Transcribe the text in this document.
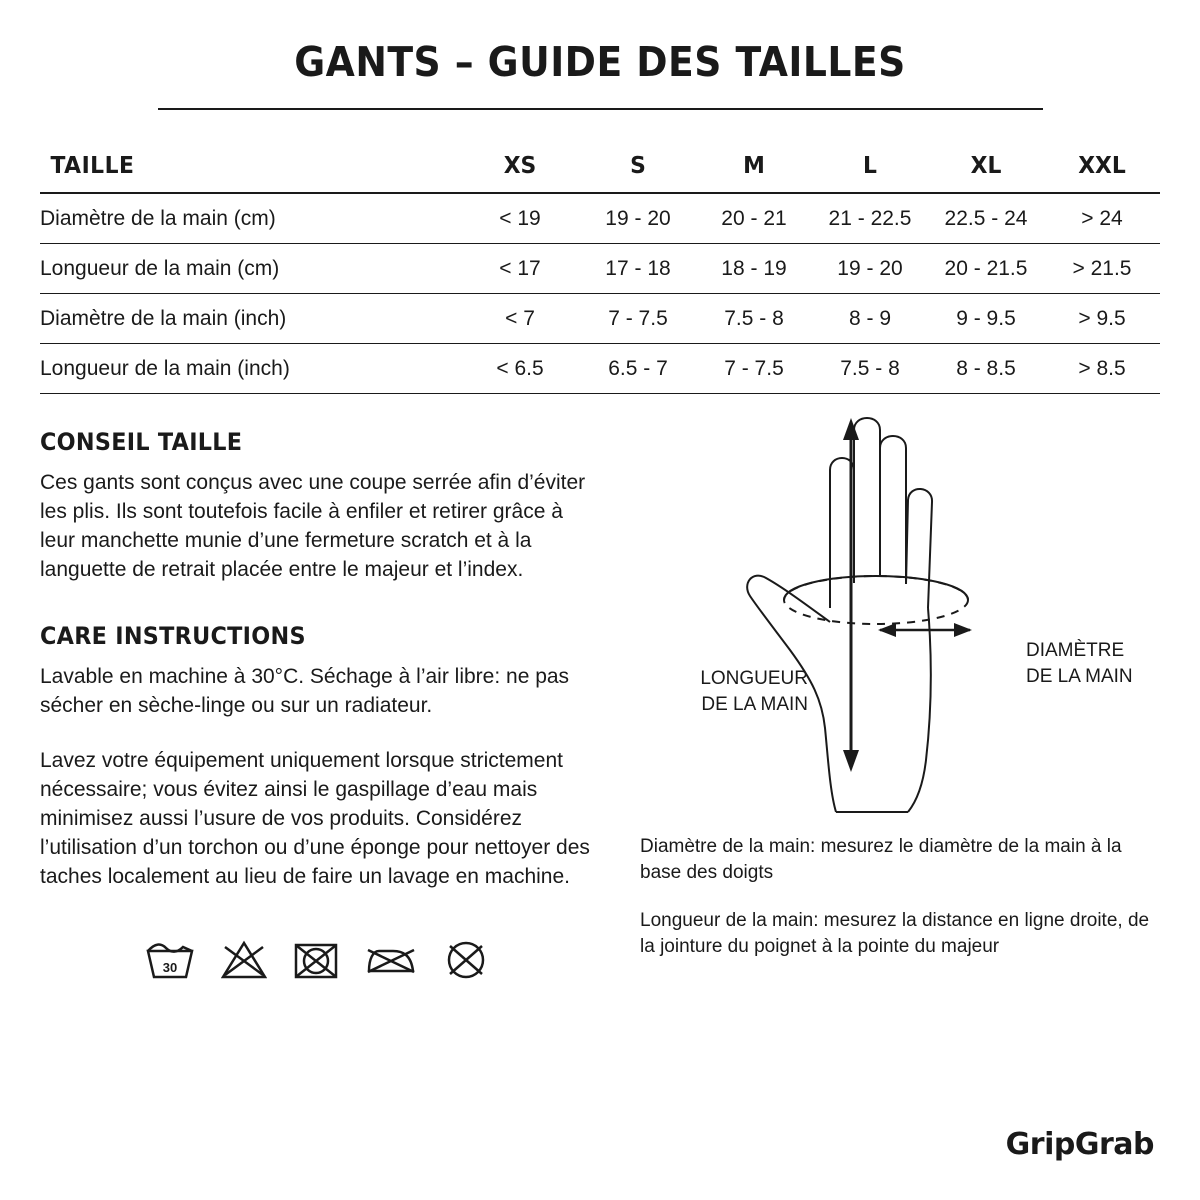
GANTS – GUIDE DES TAILLES
TAILLE	XS	S	M	L	XL	XXL
Diamètre de la main (cm)	< 19	19 - 20	20 - 21	21 - 22.5	22.5 - 24	> 24
Longueur de la main (cm)	< 17	17 - 18	18 - 19	19 - 20	20 - 21.5	> 21.5
Diamètre de la main (inch)	< 7	7 - 7.5	7.5 - 8	8 - 9	9 - 9.5	> 9.5
Longueur de la main (inch)	< 6.5	6.5 - 7	7 - 7.5	7.5 - 8	8 - 8.5	> 8.5
CONSEIL TAILLE

Ces gants sont conçus avec une coupe serrée afin d’éviter les plis. Ils sont toutefois facile à enfiler et retirer grâce à leur manchette munie d’une fermeture scratch et à la languette de retrait placée entre le majeur et l’index.

CARE INSTRUCTIONS

Lavable en machine à 30°C. Séchage à l’air libre: ne pas sécher en sèche-linge ou sur un radiateur.

Lavez votre équipement uniquement lorsque strictement nécessaire; vous évitez ainsi le gaspillage d’eau mais minimisez aussi l’usure de vos produits. Considérez l’utilisation d’un torchon ou d’une éponge pour nettoyer des taches localement au lieu de faire un lavage en machine.

30
LONGUEUR
DE LA MAIN
DIAMÈTRE
DE LA MAIN

Diamètre de la main: mesurez le diamètre de la main à la base des doigts

Longueur de la main: mesurez la distance en ligne droite, de la jointure du poignet à la pointe du majeur

GripGrab
